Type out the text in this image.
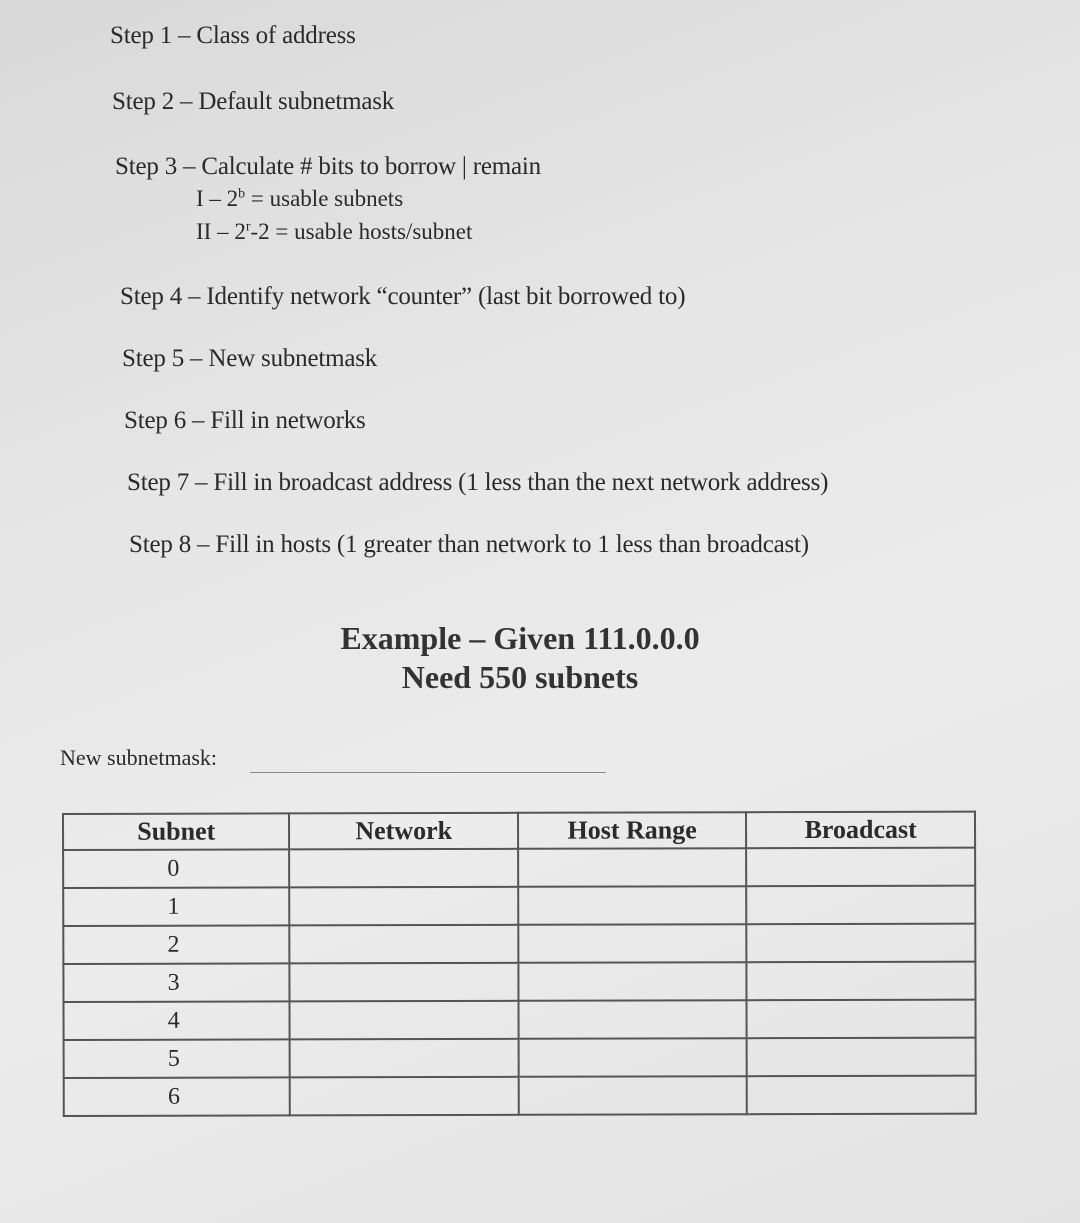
Step 1 – Class of address
Step 2 – Default subnetmask
Step 3 – Calculate # bits to borrow | remain
I – $2^b$ = usable subnets
II – $2^r-2$ = usable hosts/subnet
Step 4 – Identify network “counter” (last bit borrowed to)
Step 5 – New subnetmask
Step 6 – Fill in networks
Step 7 – Fill in broadcast address (1 less than the next network address)
Step 8 – Fill in hosts (1 greater than network to 1 less than broadcast)
Example – Given 111.0.0.0
Need 550 subnets
New subnetmask:
Subnet	Network	Host Range	Broadcast
0			
1			
2			
3			
4			
5			
6			
